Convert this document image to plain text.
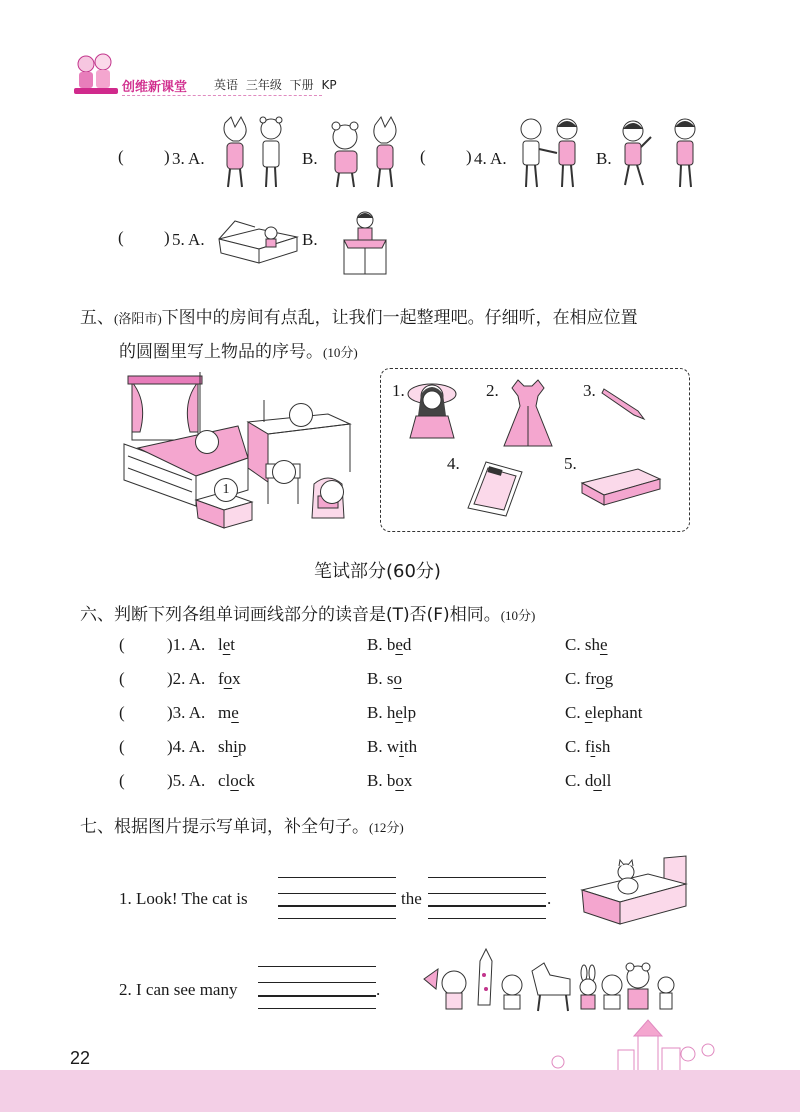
创维新课堂 英语 三年级 下册 KP
( ) 3. A.	B.	( ) 4. A.	B.
( ) 5. A.	B.
五、(洛阳市)下图中的房间有点乱，让我们一起整理吧。仔细听，在相应位置
的圆圈里写上物品的序号。(10分)
1
1.	2.	3.
4.	5.
笔试部分(60分)
六、判断下列各组单词画线部分的读音是(T)否(F)相同。(10分)
( )1. A. let	B. bed	C. she
( )2. A. fox	B. so	C. frog
( )3. A. me	B. help	C. elephant
( )4. A. ship	B. with	C. fish
( )5. A. clock	B. box	C. doll
七、根据图片提示写单词，补全句子。(12分)
1. Look! The cat is	the	.
2. I can see many	.
22
